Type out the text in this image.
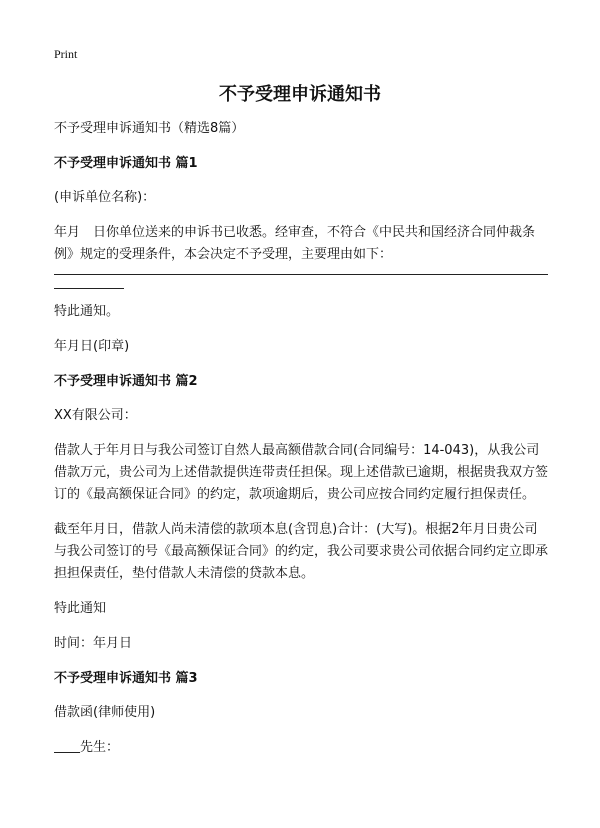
Print
不予受理申诉通知书
不予受理申诉通知书（精选8篇）
不予受理申诉通知书 篇1
(申诉单位名称)：
年月　日你单位送来的申诉书已收悉。经审查，不符合《中民共和国经济合同仲裁条例》规定的受理条件，本会决定不予受理，主要理由如下：
特此通知。
年月日(印章)
不予受理申诉通知书 篇2
XX有限公司：
借款人于年月日与我公司签订自然人最高额借款合同(合同编号：14-043)，从我公司借款万元，贵公司为上述借款提供连带责任担保。现上述借款已逾期，根据贵我双方签订的《最高额保证合同》的约定，款项逾期后，贵公司应按合同约定履行担保责任。
截至年月日，借款人尚未清偿的款项本息(含罚息)合计：(大写)。根据2年月日贵公司与我公司签订的号《最高额保证合同》的约定，我公司要求贵公司依据合同约定立即承担担保责任，垫付借款人未清偿的贷款本息。
特此通知
时间：年月日
不予受理申诉通知书 篇3
借款函(律师使用)
先生：
